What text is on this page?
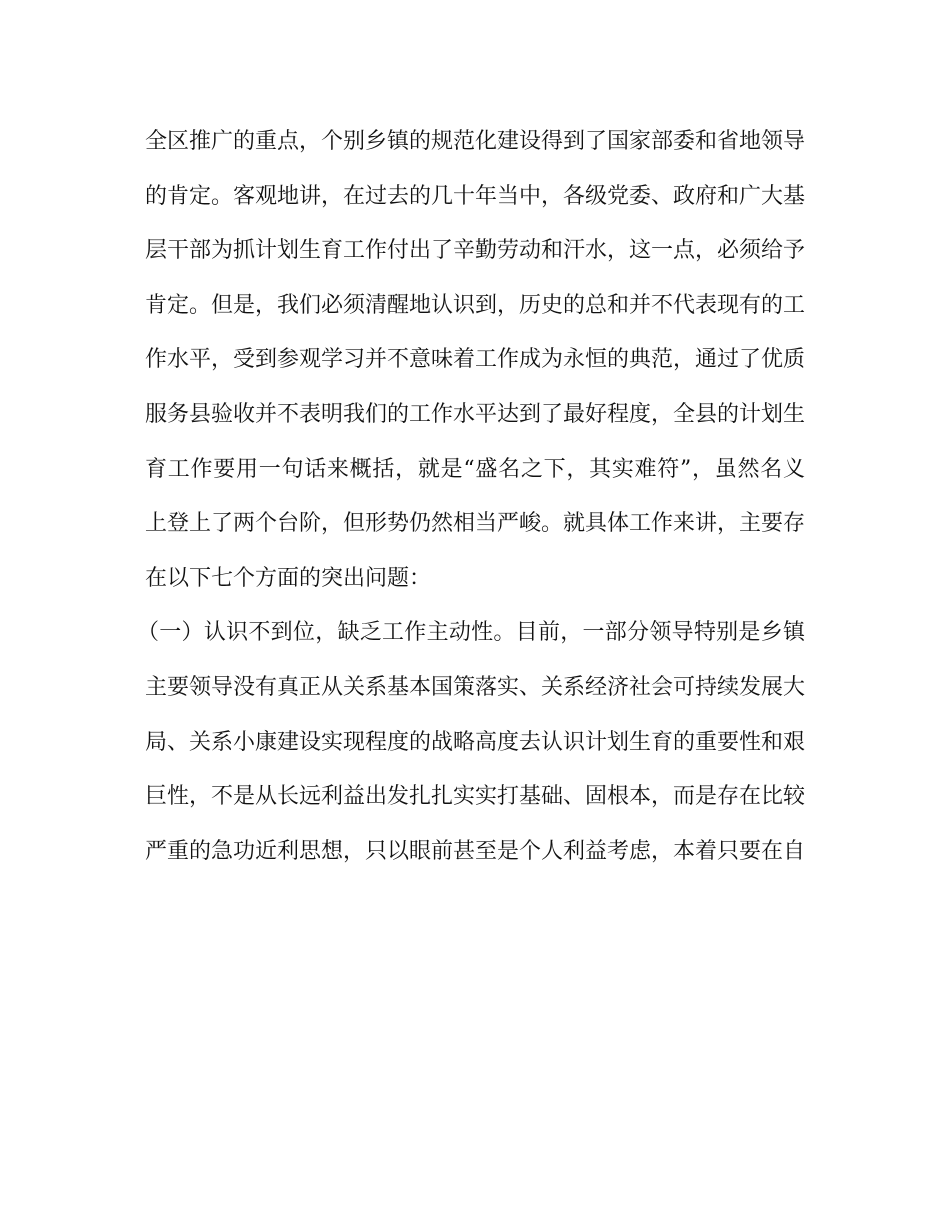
全区推广的重点，个别乡镇的规范化建设得到了国家部委和省地领导
的肯定。客观地讲，在过去的几十年当中，各级党委、政府和广大基
层干部为抓计划生育工作付出了辛勤劳动和汗水，这一点，必须给予
肯定。但是，我们必须清醒地认识到，历史的总和并不代表现有的工
作水平，受到参观学习并不意味着工作成为永恒的典范，通过了优质
服务县验收并不表明我们的工作水平达到了最好程度，全县的计划生
育工作要用一句话来概括，就是“盛名之下，其实难符”，虽然名义
上登上了两个台阶，但形势仍然相当严峻。就具体工作来讲，主要存
在以下七个方面的突出问题：
（一）认识不到位，缺乏工作主动性。目前，一部分领导特别是乡镇
主要领导没有真正从关系基本国策落实、关系经济社会可持续发展大
局、关系小康建设实现程度的战略高度去认识计划生育的重要性和艰
巨性，不是从长远利益出发扎扎实实打基础、固根本，而是存在比较
严重的急功近利思想，只以眼前甚至是个人利益考虑，本着只要在自
